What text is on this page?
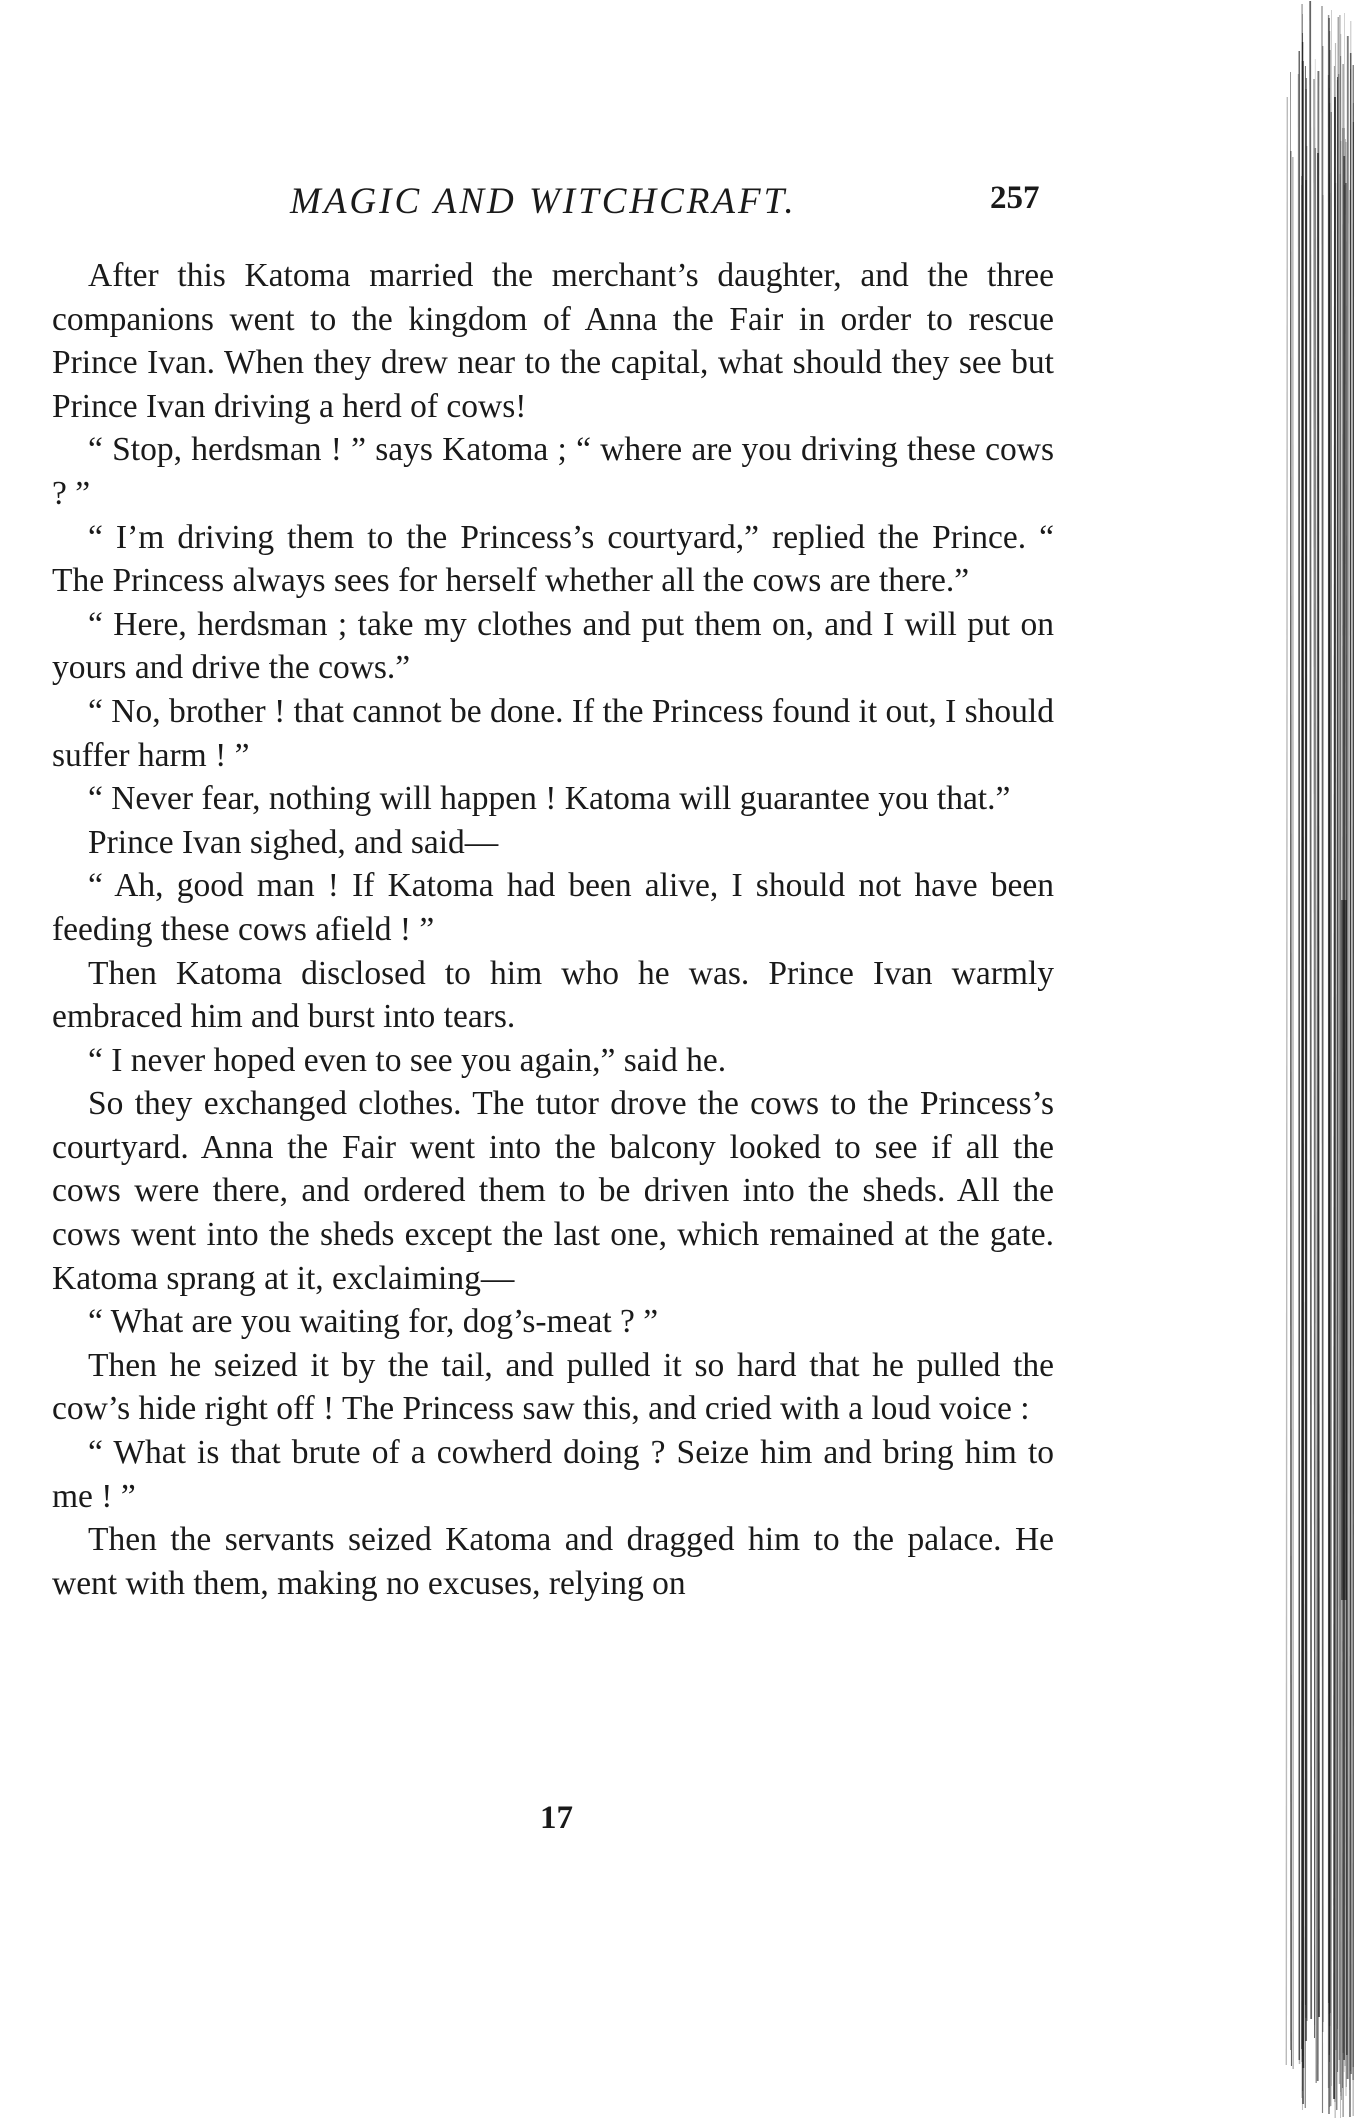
MAGIC AND WITCHCRAFT.	257

After this Katoma married the merchant’s daughter, and the three companions went to the kingdom of Anna the Fair in order to rescue Prince Ivan. When they drew near to the capital, what should they see but Prince Ivan driving a herd of cows!

“ Stop, herdsman ! ” says Katoma ; “ where are you driving these cows ? ”

“ I’m driving them to the Princess’s courtyard,” replied the Prince. “ The Princess always sees for herself whether all the cows are there.”

“ Here, herdsman ; take my clothes and put them on, and I will put on yours and drive the cows.”

“ No, brother ! that cannot be done. If the Princess found it out, I should suffer harm ! ”

“ Never fear, nothing will happen ! Katoma will guarantee you that.”

Prince Ivan sighed, and said—

“ Ah, good man ! If Katoma had been alive, I should not have been feeding these cows afield ! ”

Then Katoma disclosed to him who he was. Prince Ivan warmly embraced him and burst into tears.

“ I never hoped even to see you again,” said he.

So they exchanged clothes. The tutor drove the cows to the Princess’s courtyard. Anna the Fair went into the balcony looked to see if all the cows were there, and ordered them to be driven into the sheds. All the cows went into the sheds except the last one, which remained at the gate. Katoma sprang at it, exclaiming—

“ What are you waiting for, dog’s-meat ? ”

Then he seized it by the tail, and pulled it so hard that he pulled the cow’s hide right off ! The Princess saw this, and cried with a loud voice :

“ What is that brute of a cowherd doing ? Seize him and bring him to me ! ”

Then the servants seized Katoma and dragged him to the palace. He went with them, making no excuses, relying on

17
